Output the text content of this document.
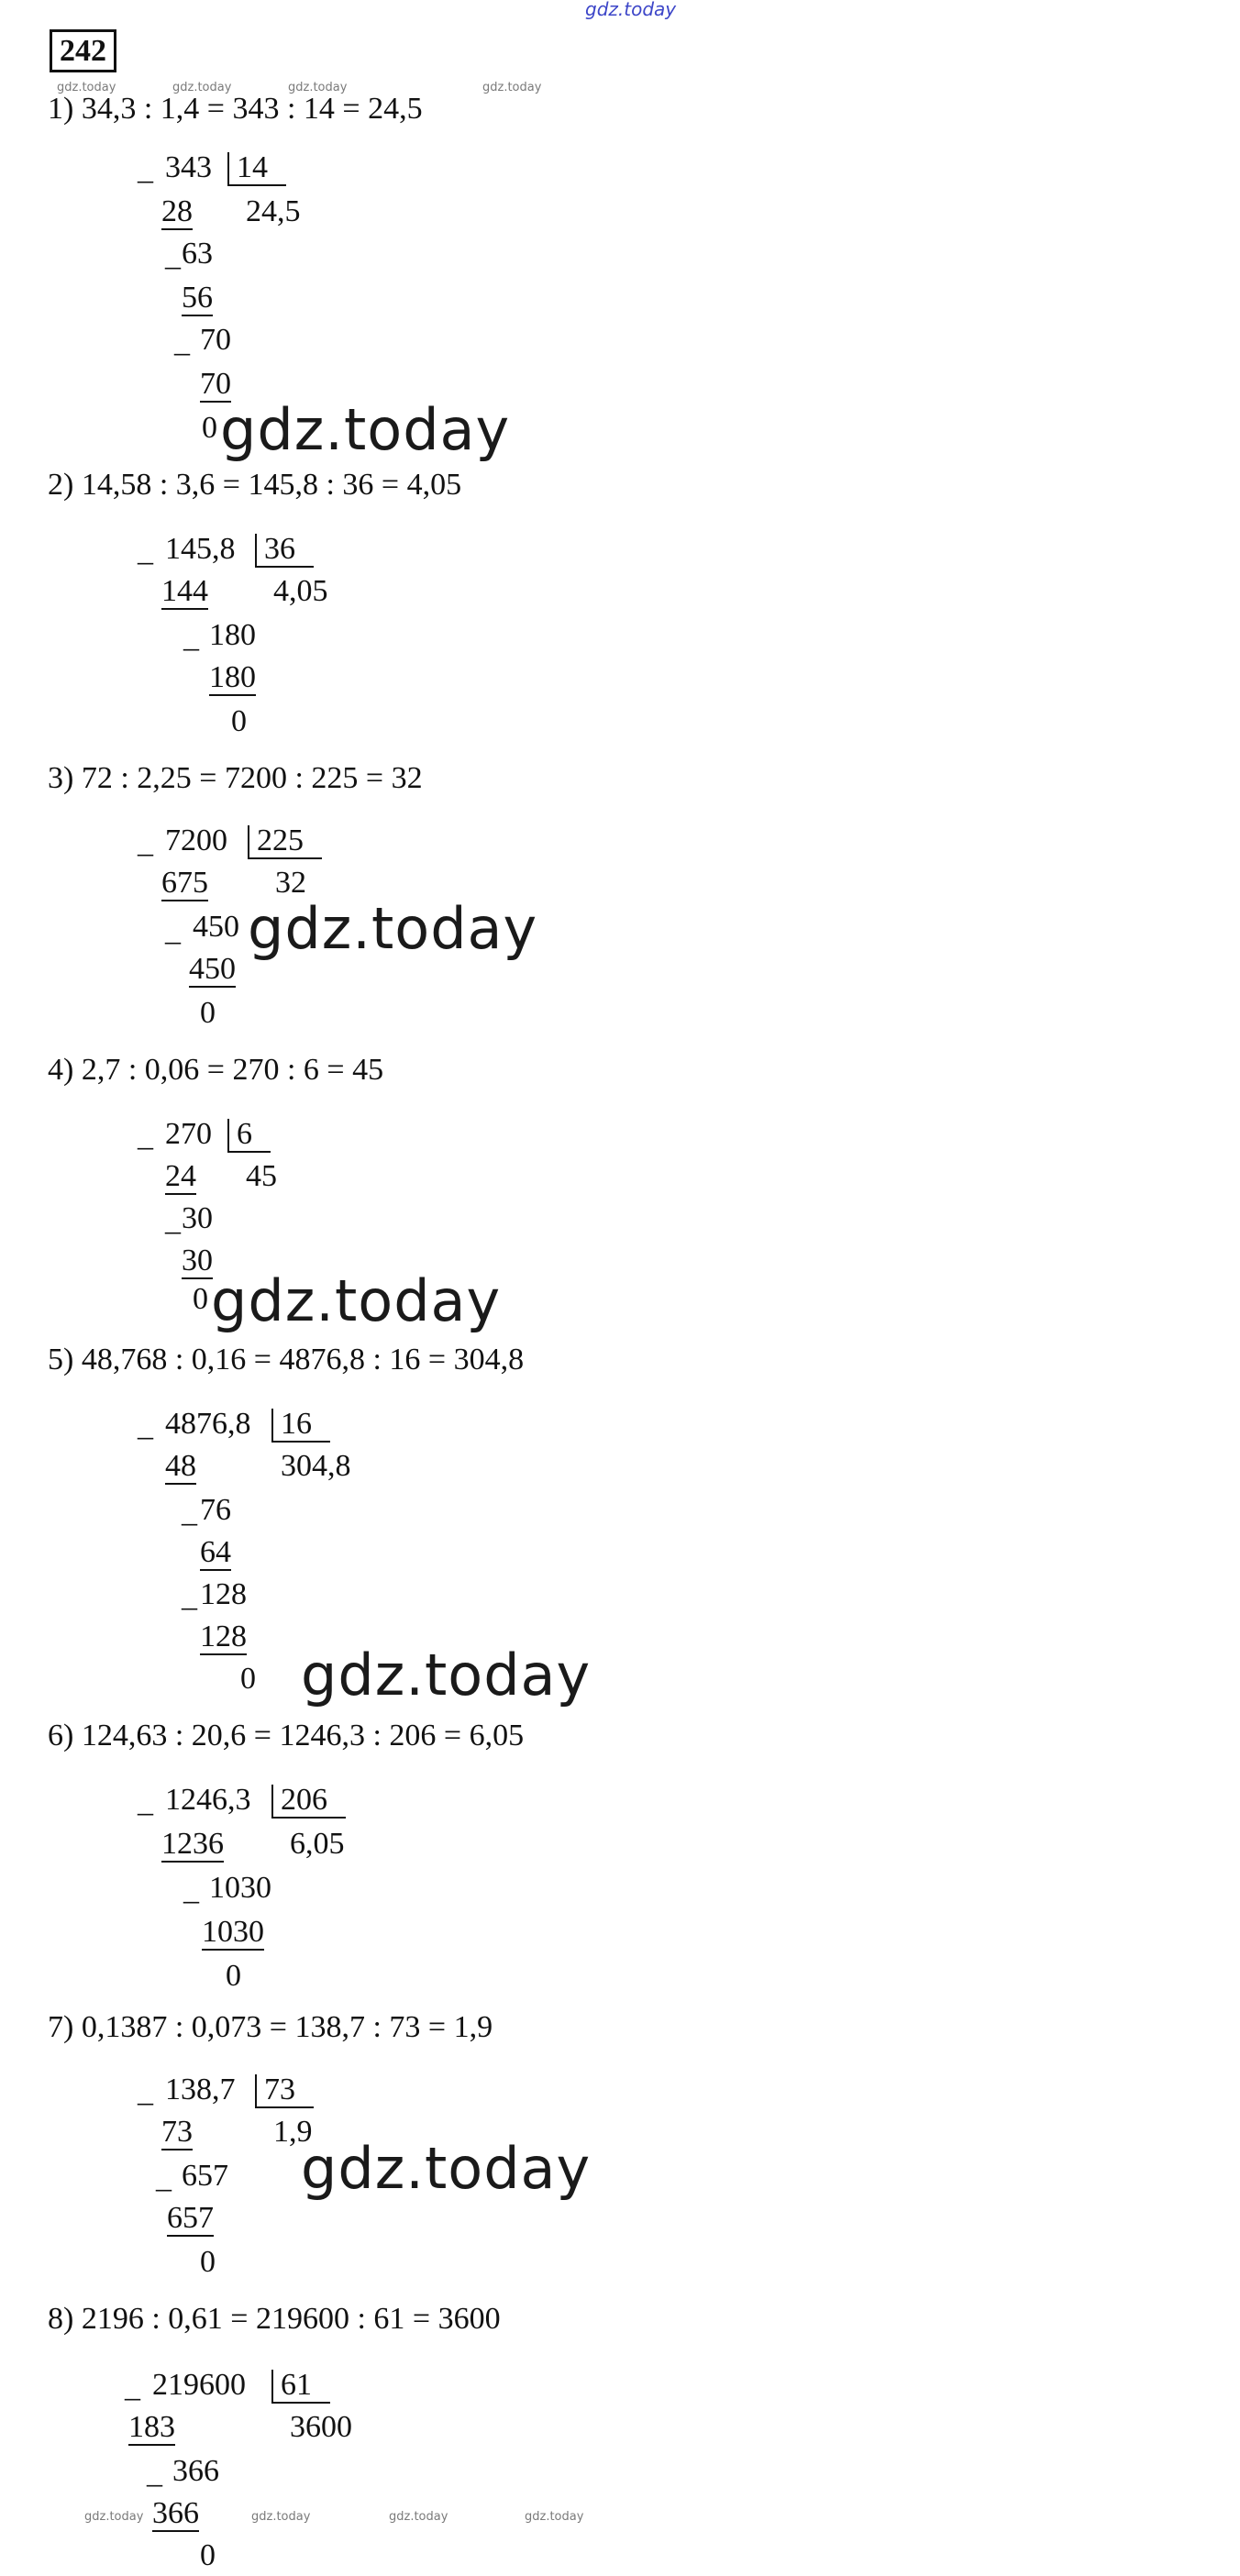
gdz.today
242
gdz.today	gdz.today	gdz.today	gdz.today
1) 34,3 : 1,4 = 343 : 14 = 24,5
_ 343 14
24,5
28
_ 63
56
_ 70
70
0 gdz.today
2) 14,58 : 3,6 = 145,8 : 36 = 4,05
_ 145,8 36
4,05
144
_ 180
180
0
3) 72 : 2,25 = 7200 : 225 = 32
_ 7200 225
32
675
_ 450
450
0
gdz.today
4) 2,7 : 0,06 = 270 : 6 = 45
_ 270 6
45
24
_ 30
30
0 gdz.today
5) 48,768 : 0,16 = 4876,8 : 16 = 304,8
_ 4876,8 16
304,8
48
_ 76
64
_ 128
128
0 gdz.today
6) 124,63 : 20,6 = 1246,3 : 206 = 6,05
_ 1246,3 206
6,05
1236
_ 1030
1030
0
7) 0,1387 : 0,073 = 138,7 : 73 = 1,9
_ 138,7 73
1,9
73
_ 657
657
0
gdz.today
8) 2196 : 0,61 = 219600 : 61 = 3600
_ 219600 61
3600
183
_ 366
366
0
gdz.today	gdz.today	gdz.today	gdz.today
